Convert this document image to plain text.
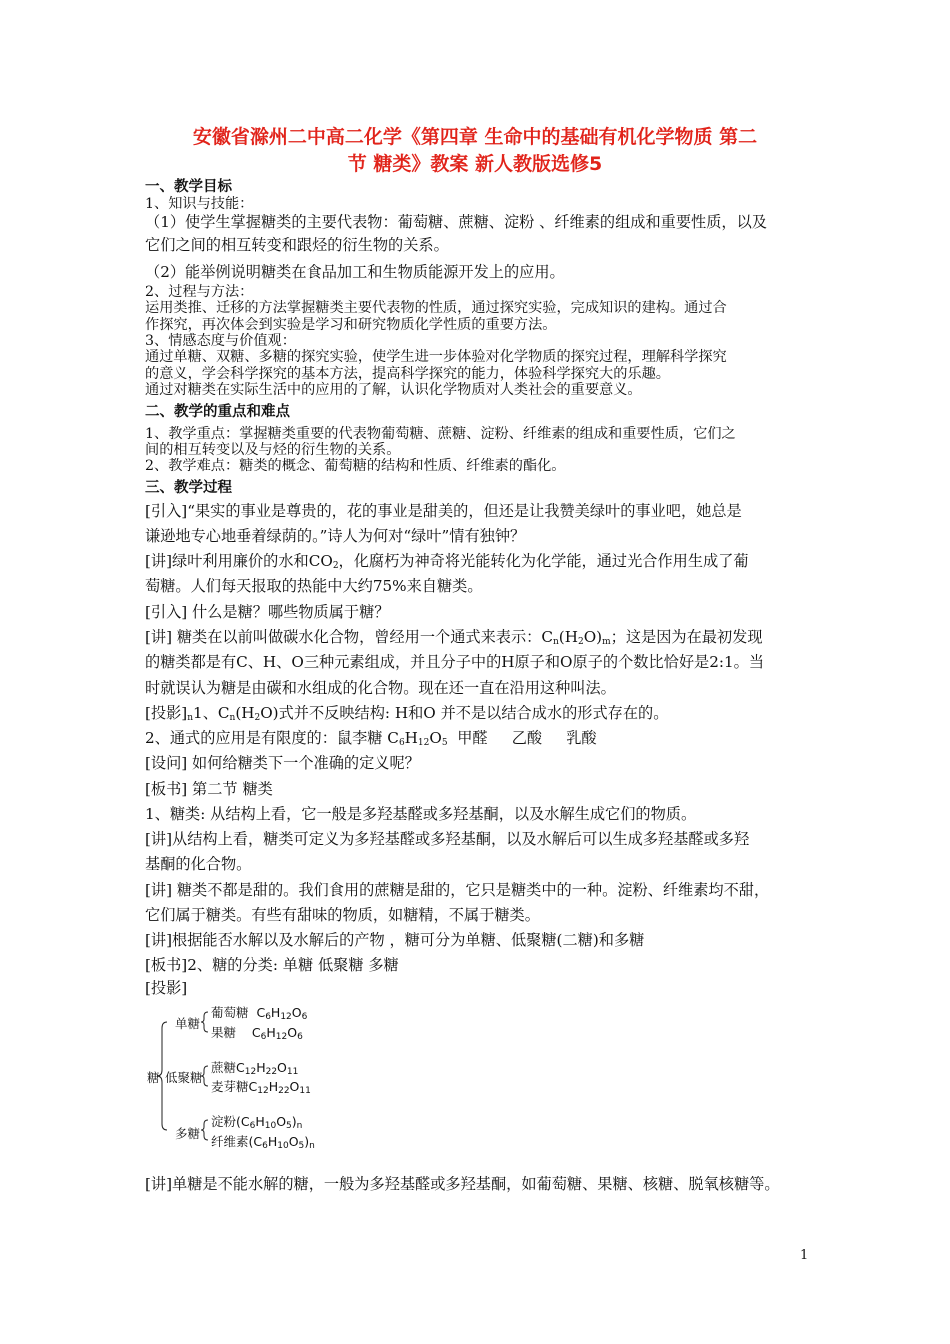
安徽省滁州二中高二化学《第四章 生命中的基础有机化学物质 第二
节 糖类》教案 新人教版选修5
一、教学目标
1、知识与技能：
（1）使学生掌握糖类的主要代表物：葡萄糖、蔗糖、淀粉 、纤维素的组成和重要性质，以及
它们之间的相互转变和跟烃的衍生物的关系。
（2）能举例说明糖类在食品加工和生物质能源开发上的应用。
2、过程与方法：
运用类推、迁移的方法掌握糖类主要代表物的性质，通过探究实验，完成知识的建构。通过合
作探究，再次体会到实验是学习和研究物质化学性质的重要方法。
3、情感态度与价值观：
通过单糖、双糖、多糖的探究实验，使学生进一步体验对化学物质的探究过程，理解科学探究
的意义，学会科学探究的基本方法，提高科学探究的能力，体验科学探究大的乐趣。
通过对糖类在实际生活中的应用的了解，认识化学物质对人类社会的重要意义。
二、教学的重点和难点
1、教学重点：掌握糖类重要的代表物葡萄糖、蔗糖、淀粉、纤维素的组成和重要性质，它们之
间的相互转变以及与烃的衍生物的关系。
2、教学难点：糖类的概念、葡萄糖的结构和性质、纤维素的酯化。
三、教学过程
[引入]“果实的事业是尊贵的，花的事业是甜美的，但还是让我赞美绿叶的事业吧，她总是
谦逊地专心地垂着绿荫的。”诗人为何对“绿叶”情有独钟？
[讲]绿叶利用廉价的水和$CO_2$，化腐朽为神奇将光能转化为化学能，通过光合作用生成了葡
萄糖。人们每天报取的热能中大约75%来自糖类。
[引入] 什么是糖？哪些物质属于糖？
[讲] 糖类在以前叫做碳水化合物，曾经用一个通式来表示：$C_n(H_2O)_m$；这是因为在最初发现
的糖类都是有C、H、O三种元素组成，并且分子中的H原子和O原子的个数比恰好是2:1。当
时就误认为糖是由碳和水组成的化合物。现在还一直在沿用这种叫法。
[投影]$_n1$、$C_n(H_2O)$式并不反映结构: H和O 并不是以结合成水的形式存在的。
2、通式的应用是有限度的：鼠李糖 $C_6H_{12}O_5$  甲醛     乙酸     乳酸
[设问] 如何给糖类下一个准确的定义呢？
[板书] 第二节 糖类
1、糖类: 从结构上看，它一般是多羟基醛或多羟基酮，以及水解生成它们的物质。
[讲]从结构上看，糖类可定义为多羟基醛或多羟基酮，以及水解后可以生成多羟基醛或多羟
基酮的化合物。
[讲] 糖类不都是甜的。我们食用的蔗糖是甜的，它只是糖类中的一种。淀粉、纤维素均不甜，
它们属于糖类。有些有甜味的物质，如糖精，不属于糖类。
[讲]根据能否水解以及水解后的产物 ，糖可分为单糖、低聚糖(二糖)和多糖
[板书]2、糖的分类: 单糖 低聚糖 多糖
[投影]
糖
单糖
葡萄糖  $C_6H_{12}O_6$
果糖    $C_6H_{12}O_6$
低聚糖
蔗糖$C_{12}H_{22}O_{11}$
麦芽糖$C_{12}H_{22}O_{11}$
多糖
淀粉$(C_6H_{10}O_5)_n$
纤维素$(C_6H_{10}O_5)_n$
[讲]单糖是不能水解的糖，一般为多羟基醛或多羟基酮，如葡萄糖、果糖、核糖、脱氧核糖等。
1
